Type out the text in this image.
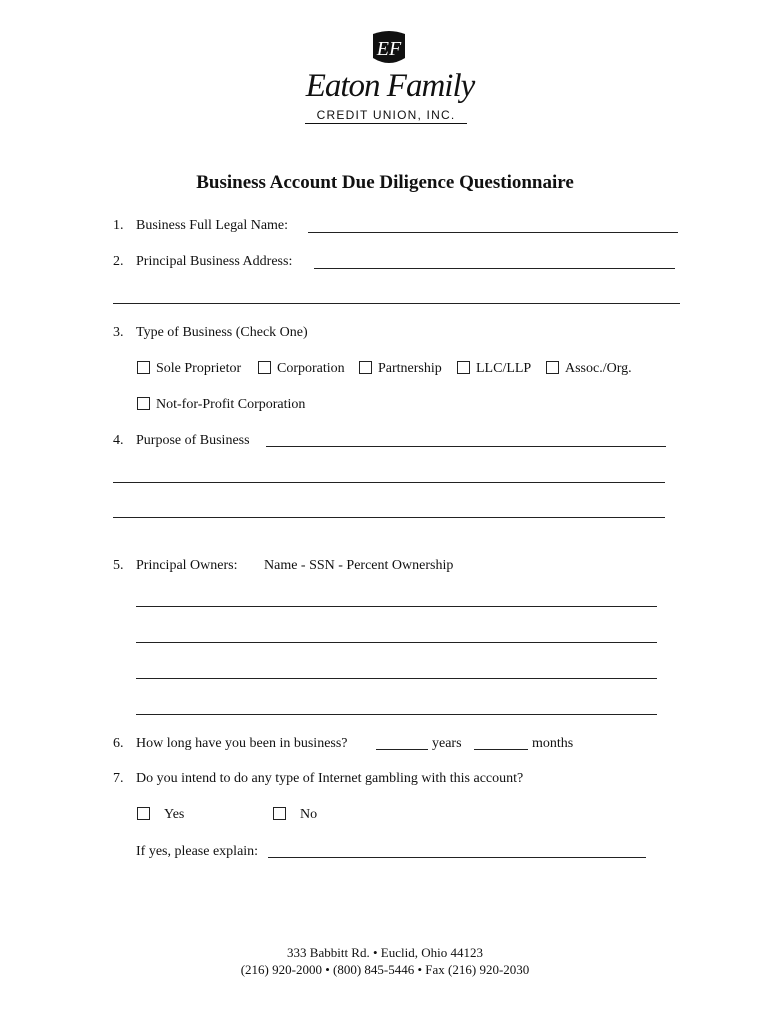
EF
Eaton Family
CREDIT UNION, INC.
Business Account Due Diligence Questionnaire
1. Business Full Legal Name:
2. Principal Business Address:
3. Type of Business (Check One)
Sole Proprietor	Corporation Partnership LLC/LLP Assoc./Org.
Not-for-Profit Corporation
4. Purpose of Business
5. Principal Owners: Name - SSN - Percent Ownership
6. How long have you been in business?	years	months
7. Do you intend to do any type of Internet gambling with this account?
Yes	No
If yes, please explain:
333 Babbitt Rd. • Euclid, Ohio 44123
(216) 920-2000 • (800) 845-5446 • Fax (216) 920-2030
